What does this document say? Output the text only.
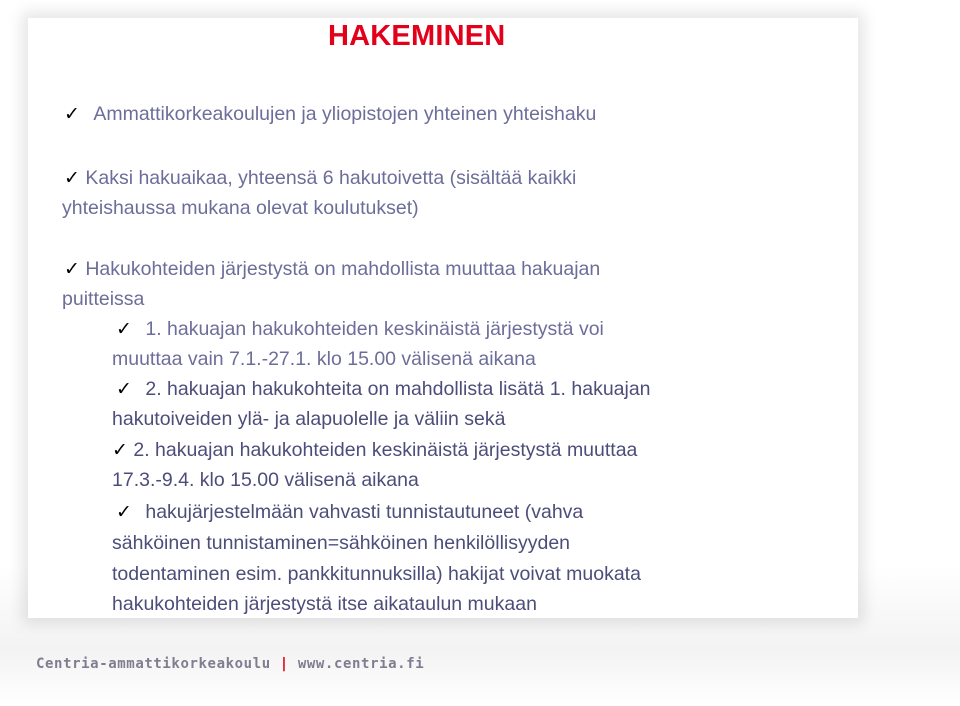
HAKEMINEN
✓ Ammattikorkeakoulujen ja yliopistojen yhteinen yhteishaku
✓ Kaksi hakuaikaa, yhteensä 6 hakutoivetta (sisältää kaikki
yhteishaussa mukana olevat koulutukset)
✓ Hakukohteiden järjestystä on mahdollista muuttaa hakuajan
puitteissa
✓ 1. hakuajan hakukohteiden keskinäistä järjestystä voi
muuttaa vain 7.1.-27.1. klo 15.00 välisenä aikana
✓ 2. hakuajan hakukohteita on mahdollista lisätä 1. hakuajan
hakutoiveiden ylä- ja alapuolelle ja väliin sekä
✓ 2. hakuajan hakukohteiden keskinäistä järjestystä muuttaa
17.3.-9.4. klo 15.00 välisenä aikana
✓ hakujärjestelmään vahvasti tunnistautuneet (vahva
sähköinen tunnistaminen=sähköinen henkilöllisyyden
todentaminen esim. pankkitunnuksilla) hakijat voivat muokata
hakukohteiden järjestystä itse aikataulun mukaan
Centria-ammattikorkeakoulu | www.centria.fi
